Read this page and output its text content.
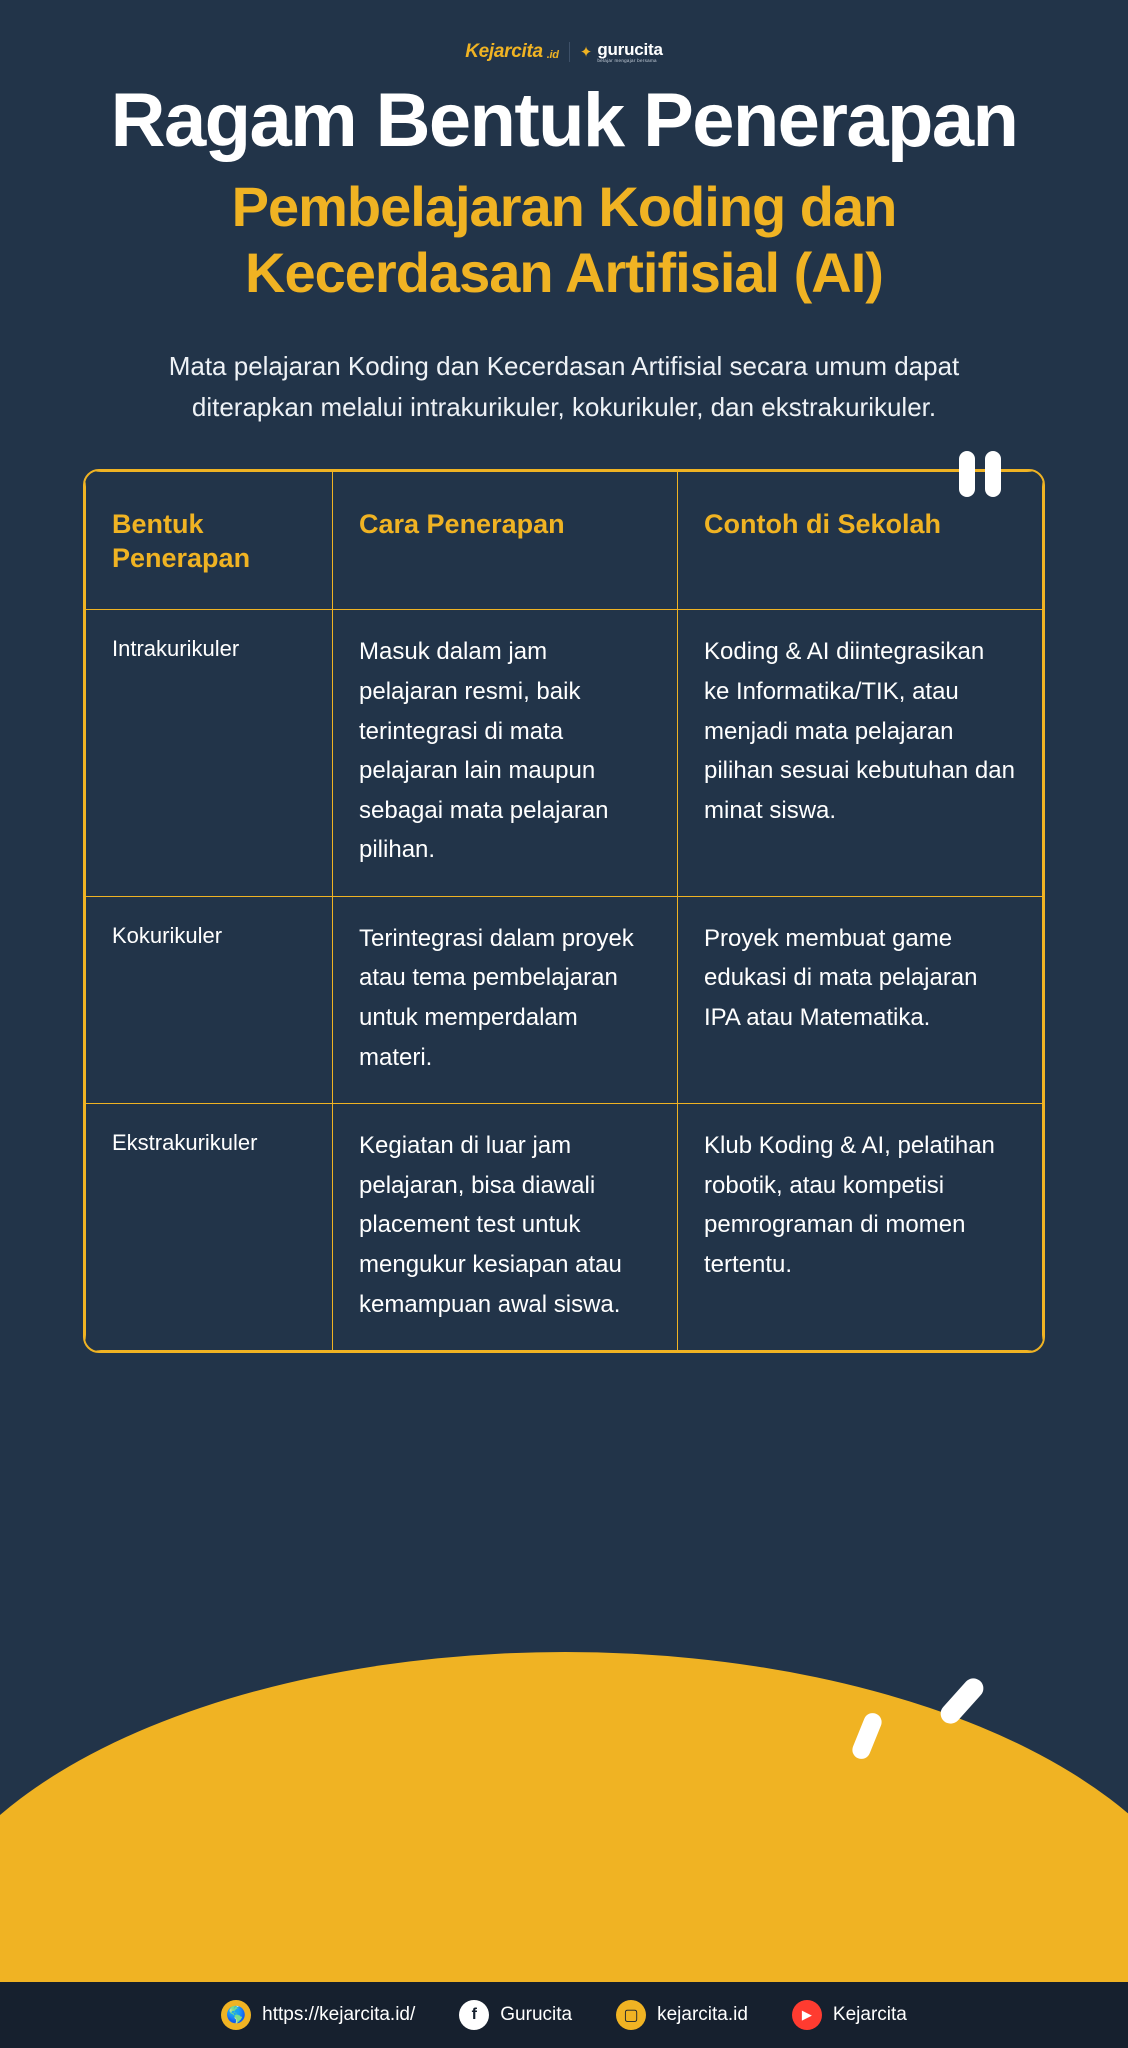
Kejarcita .id ✦ gurucita
belajar mengajar bersama
Ragam Bentuk Penerapan
Pembelajaran Koding dan Kecerdasan Artifisial (AI)
Mata pelajaran Koding dan Kecerdasan Artifisial secara umum dapat diterapkan melalui intrakurikuler, kokurikuler, dan ekstrakurikuler.
Bentuk Penerapan	Cara Penerapan	Contoh di Sekolah
Intrakurikuler	Masuk dalam jam pelajaran resmi, baik terintegrasi di mata pelajaran lain maupun sebagai mata pelajaran pilihan.	Koding & AI diintegrasikan ke Informatika/TIK, atau menjadi mata pelajaran pilihan sesuai kebutuhan dan minat siswa.
Kokurikuler	Terintegrasi dalam proyek atau tema pembelajaran untuk memperdalam materi.	Proyek membuat game edukasi di mata pelajaran IPA atau Matematika.
Ekstrakurikuler	Kegiatan di luar jam pelajaran, bisa diawali placement test untuk mengukur kesiapan atau kemampuan awal siswa.	Klub Koding & AI, pelatihan robotik, atau kompetisi pemrograman di momen tertentu.
🌎 https://kejarcita.id/	f	Gurucita	▢ kejarcita.id	▶	Kejarcita
